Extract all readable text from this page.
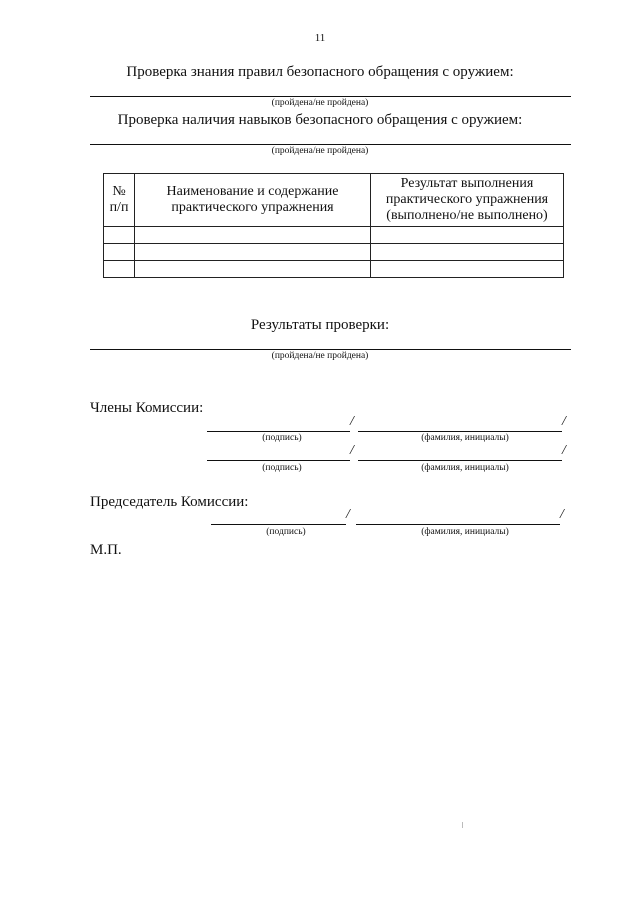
11
Проверка знания правил безопасного обращения с оружием:
(пройдена/не пройдена)
Проверка наличия навыков безопасного обращения с оружием:
(пройдена/не пройдена)
№ п/п	Наименование и содержание практического упражнения	Результат выполнения практического упражнения (выполнено/не выполнено)

Результаты проверки:
(пройдена/не пройдена)
Члены Комиссии:
/	/
(подпись)	(фамилия, инициалы)
/	/
(подпись)	(фамилия, инициалы)
Председатель Комиссии:
/	/
(подпись)	(фамилия, инициалы)
М.П.
